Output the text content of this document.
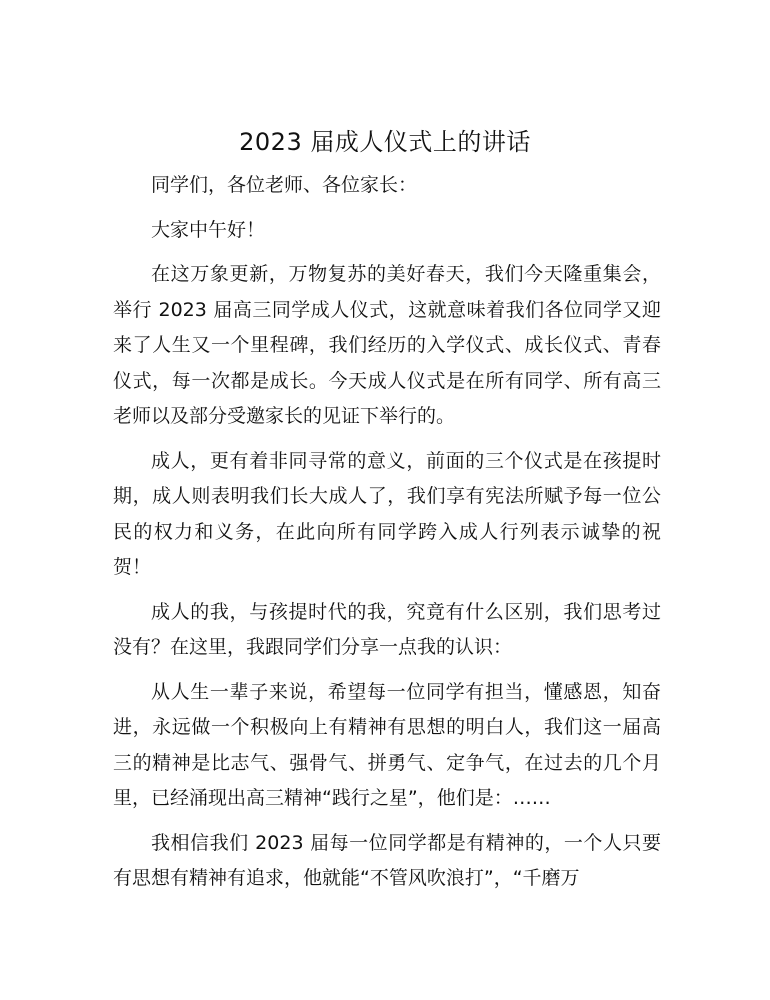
2023 届成人仪式上的讲话

同学们，各位老师、各位家长：

大家中午好！

在这万象更新，万物复苏的美好春天，我们今天隆重集会，举行 2023 届高三同学成人仪式，这就意味着我们各位同学又迎来了人生又一个里程碑，我们经历的入学仪式、成长仪式、青春仪式，每一次都是成长。今天成人仪式是在所有同学、所有高三老师以及部分受邀家长的见证下举行的。

成人，更有着非同寻常的意义，前面的三个仪式是在孩提时期，成人则表明我们长大成人了，我们享有宪法所赋予每一位公民的权力和义务，在此向所有同学跨入成人行列表示诚挚的祝贺！

成人的我，与孩提时代的我，究竟有什么区别，我们思考过没有？在这里，我跟同学们分享一点我的认识：

从人生一辈子来说，希望每一位同学有担当，懂感恩，知奋进，永远做一个积极向上有精神有思想的明白人，我们这一届高三的精神是比志气、强骨气、拼勇气、定争气，在过去的几个月里，已经涌现出高三精神“践行之星”，他们是：……

我相信我们 2023 届每一位同学都是有精神的，一个人只要有思想有精神有追求，他就能“不管风吹浪打”，“千磨万
